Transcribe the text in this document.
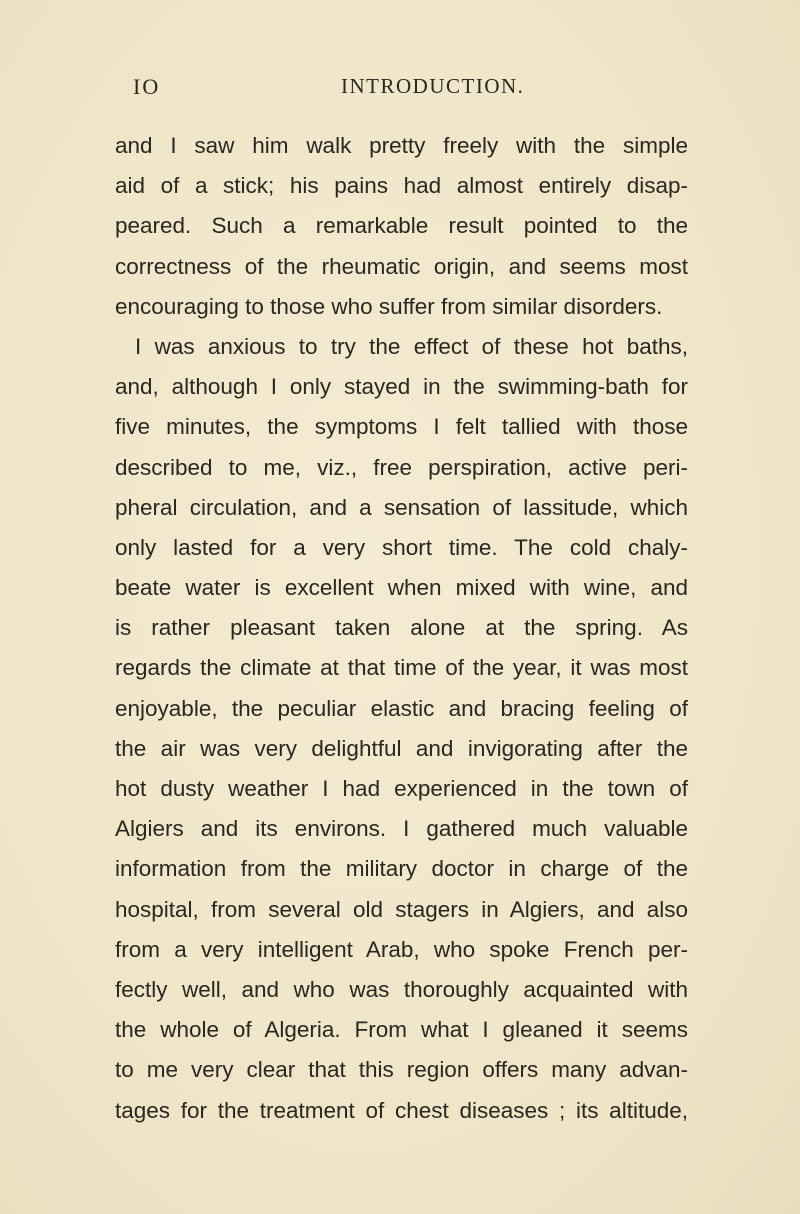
IO	INTRODUCTION.
and I saw him walk pretty freely with the simple
aid of a stick; his pains had almost entirely disap-
peared. Such a remarkable result pointed to the
correctness of the rheumatic origin, and seems most
encouraging to those who suffer from similar disorders.
I was anxious to try the effect of these hot baths,
and, although I only stayed in the swimming-bath for
five minutes, the symptoms I felt tallied with those
described to me, viz., free perspiration, active peri-
pheral circulation, and a sensation of lassitude, which
only lasted for a very short time. The cold chaly-
beate water is excellent when mixed with wine, and
is rather pleasant taken alone at the spring. As
regards the climate at that time of the year, it was most
enjoyable, the peculiar elastic and bracing feeling of
the air was very delightful and invigorating after the
hot dusty weather I had experienced in the town of
Algiers and its environs. I gathered much valuable
information from the military doctor in charge of the
hospital, from several old stagers in Algiers, and also
from a very intelligent Arab, who spoke French per-
fectly well, and who was thoroughly acquainted with
the whole of Algeria. From what I gleaned it seems
to me very clear that this region offers many advan-
tages for the treatment of chest diseases ; its altitude,
